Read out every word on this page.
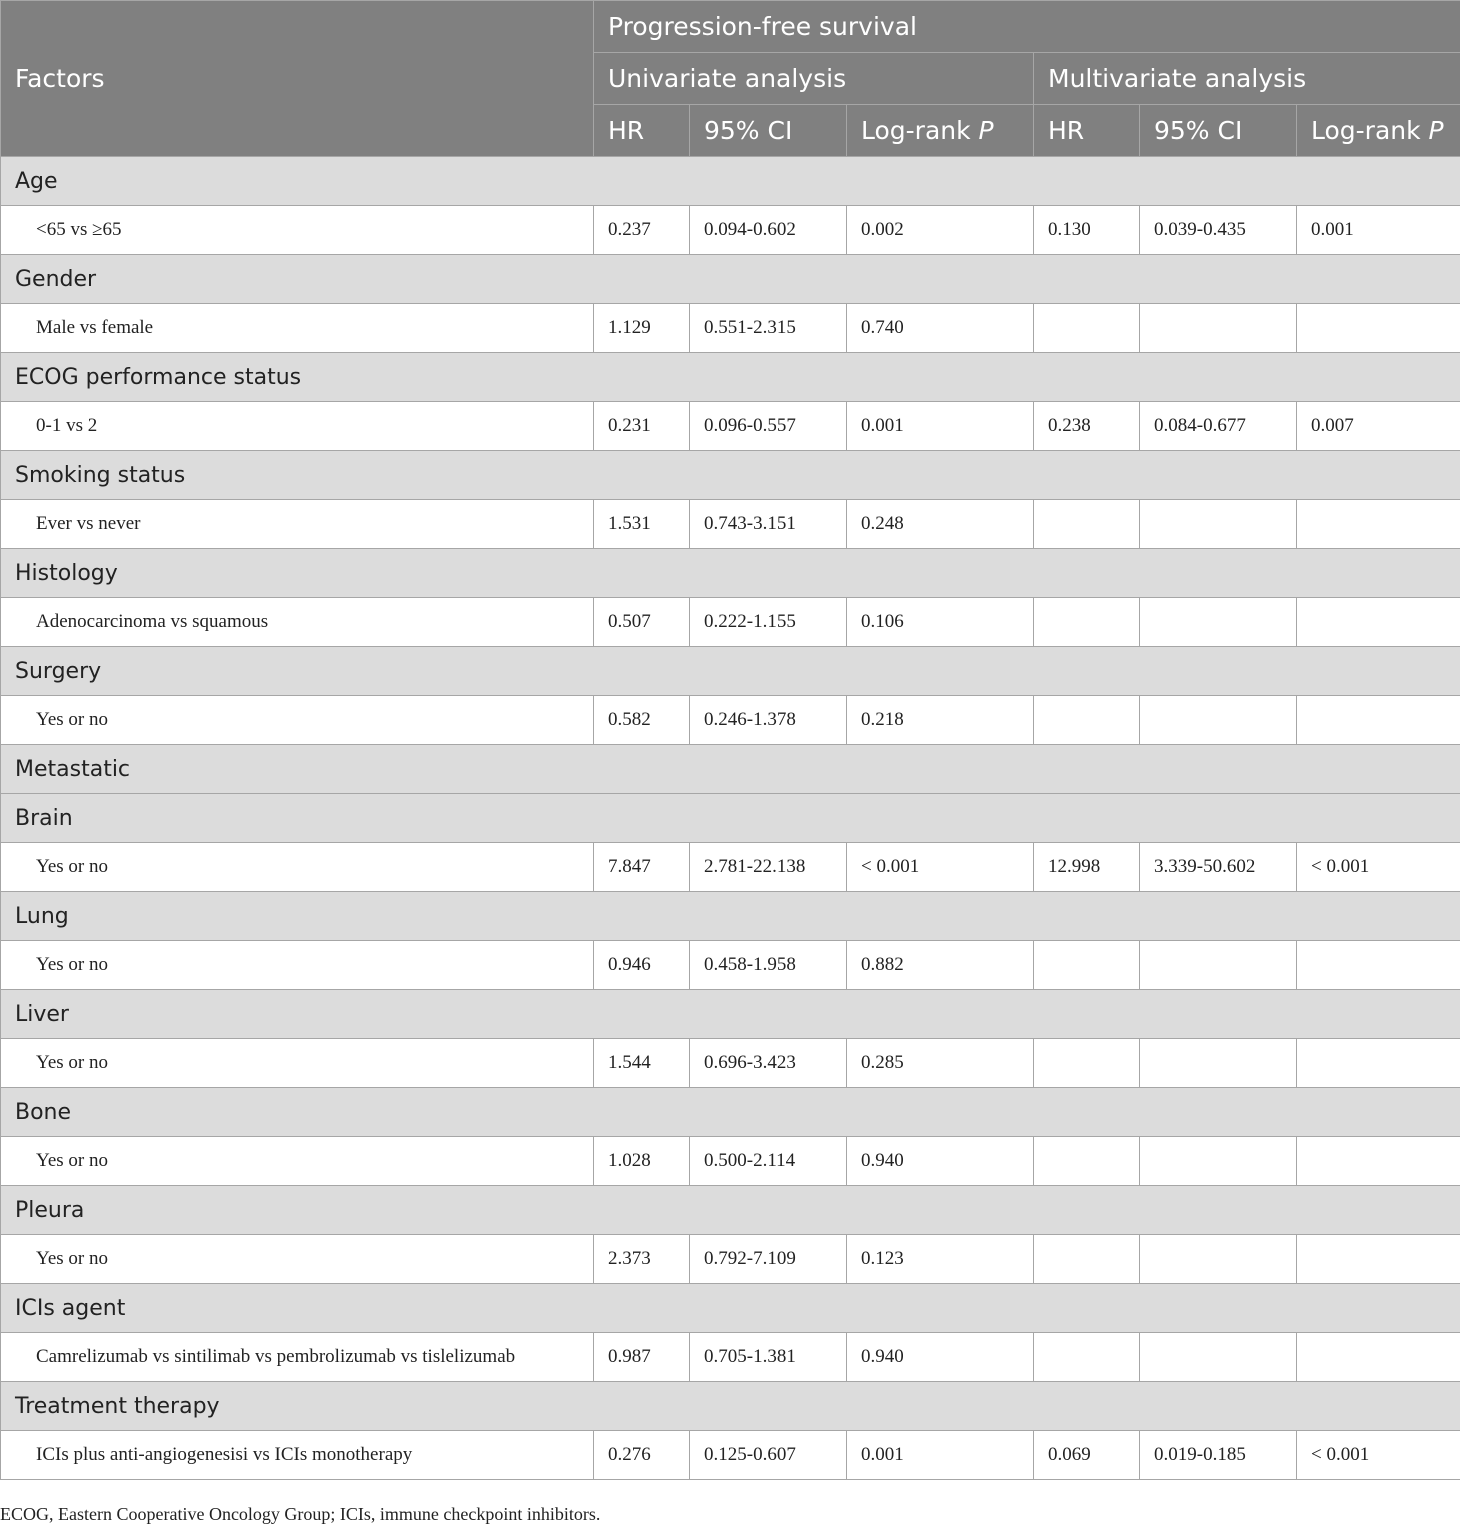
Factors	Progression-free survival					
	Univariate analysis			Multivariate analysis		
	HR	95% CI	Log-rank P	HR	95% CI	Log-rank P
Age						
<65 vs ≥65	0.237	0.094-0.602	0.002	0.130	0.039-0.435	0.001
Gender						
Male vs female	1.129	0.551-2.315	0.740			
ECOG performance status						
0-1 vs 2	0.231	0.096-0.557	0.001	0.238	0.084-0.677	0.007
Smoking status						
Ever vs never	1.531	0.743-3.151	0.248			
Histology						
Adenocarcinoma vs squamous	0.507	0.222-1.155	0.106			
Surgery						
Yes or no	0.582	0.246-1.378	0.218			
Metastatic						
Brain						
Yes or no	7.847	2.781-22.138	< 0.001	12.998	3.339-50.602	< 0.001
Lung						
Yes or no	0.946	0.458-1.958	0.882			
Liver						
Yes or no	1.544	0.696-3.423	0.285			
Bone						
Yes or no	1.028	0.500-2.114	0.940			
Pleura						
Yes or no	2.373	0.792-7.109	0.123			
ICIs agent						
Camrelizumab vs sintilimab vs pembrolizumab vs tislelizumab	0.987	0.705-1.381	0.940			
Treatment therapy						
ICIs plus anti-angiogenesisi vs ICIs monotherapy	0.276	0.125-0.607	0.001	0.069	0.019-0.185	< 0.001
ECOG, Eastern Cooperative Oncology Group; ICIs, immune checkpoint inhibitors.
